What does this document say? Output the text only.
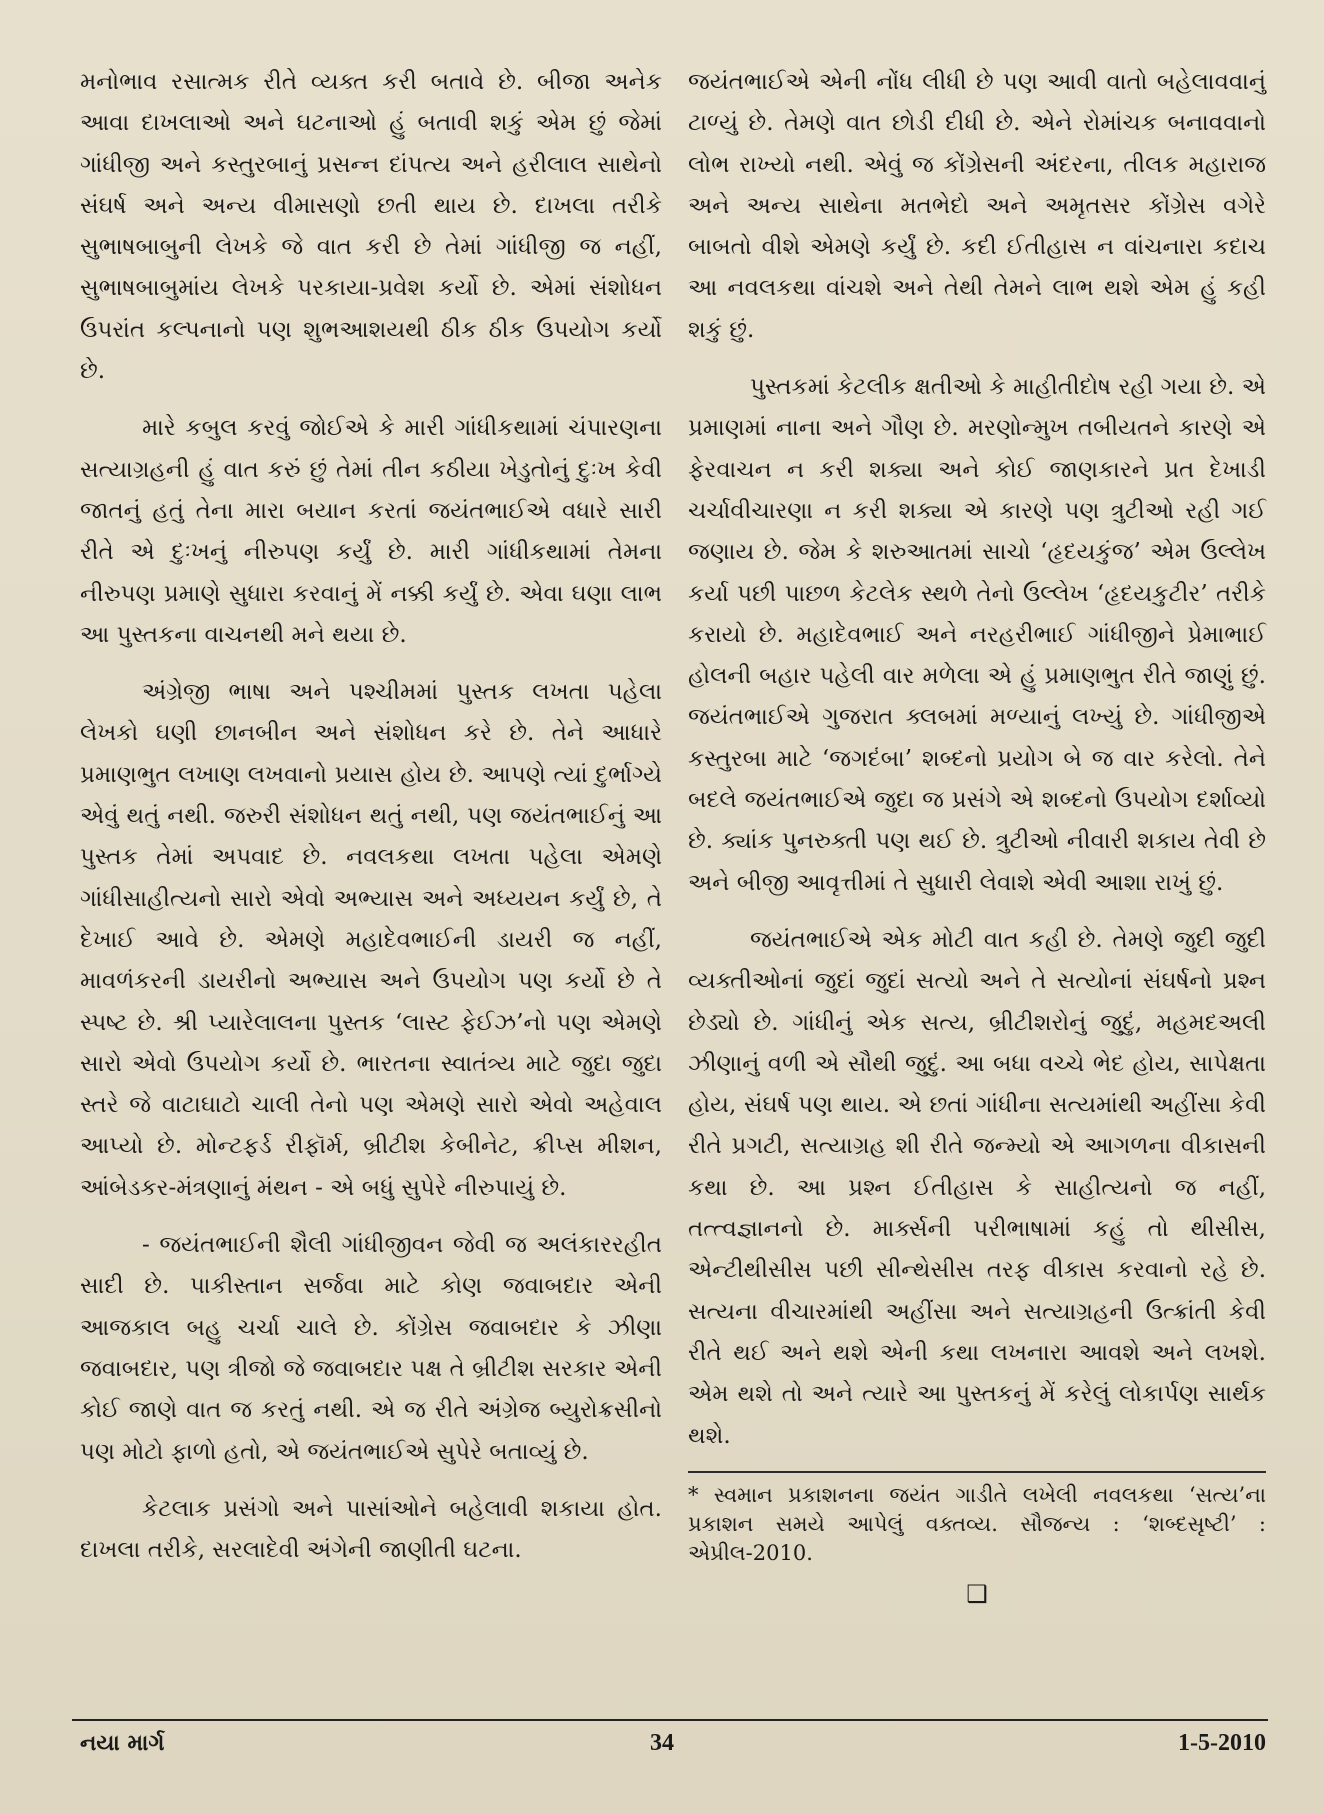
મનોભાવ રસાત્મક રીતે વ્યક્ત કરી બતાવે છે. બીજા અનેક આવા દાખલાઓ અને ઘટનાઓ હું બતાવી શકું એમ છું જેમાં ગાંધીજી અને કસ્તુરબાનું પ્રસન્ન દાંપત્ય અને હરીલાલ સાથેનો સંઘર્ષ અને અન્ય વીમાસણો છતી થાય છે. દાખલા તરીકે સુભાષબાબુની લેખકે જે વાત કરી છે તેમાં ગાંધીજી જ નહીં, સુભાષબાબુમાંય લેખકે પરકાયા-પ્રવેશ કર્યો છે. એમાં સંશોધન ઉપરાંત કલ્પનાનો પણ શુભઆશયથી ઠીક ઠીક ઉપયોગ કર્યો છે.

મારે કબુલ કરવું જોઈએ કે મારી ગાંધીકથામાં ચંપારણના સત્યાગ્રહની હું વાત કરું છું તેમાં તીન કઠીયા ખેડુતોનું દુઃખ કેવી જાતનું હતું તેના મારા બયાન કરતાં જયંતભાઈએ વધારે સારી રીતે એ દુઃખનું નીરુપણ કર્યું છે. મારી ગાંધીકથામાં તેમના નીરુપણ પ્રમાણે સુધારા કરવાનું મેં નક્કી કર્યું છે. એવા ઘણા લાભ આ પુસ્તકના વાચનથી મને થયા છે.

અંગ્રેજી ભાષા અને પશ્ચીમમાં પુસ્તક લખતા પહેલા લેખકો ઘણી છાનબીન અને સંશોધન કરે છે. તેને આધારે પ્રમાણભુત લખાણ લખવાનો પ્રયાસ હોય છે. આપણે ત્યાં દુર્ભાગ્યે એવું થતું નથી. જરુરી સંશોધન થતું નથી, પણ જયંતભાઈનું આ પુસ્તક તેમાં અપવાદ છે. નવલકથા લખતા પહેલા એમણે ગાંધીસાહીત્યનો સારો એવો અભ્યાસ અને અધ્યયન કર્યું છે, તે દેખાઈ આવે છે. એમણે મહાદેવભાઈની ડાયરી જ નહીં, માવળંકરની ડાયરીનો અભ્યાસ અને ઉપયોગ પણ કર્યો છે તે સ્પષ્ટ છે. શ્રી પ્યારેલાલના પુસ્તક ‘લાસ્ટ ફેઈઝ’નો પણ એમણે સારો એવો ઉપયોગ કર્યો છે. ભારતના સ્વાતંત્ર્ય માટે જુદા જુદા સ્તરે જે વાટાઘાટો ચાલી તેનો પણ એમણે સારો એવો અહેવાલ આપ્યો છે. મોન્ટફર્ડ રીફૉર્મ, બ્રીટીશ કેબીનેટ, ક્રીપ્સ મીશન, આંબેડકર-મંત્રણાનું મંથન - એ બધું સુપેરે નીરુપાયું છે.

- જયંતભાઈની શૈલી ગાંધીજીવન જેવી જ અલંકારરહીત સાદી છે. પાકીસ્તાન સર્જવા માટે કોણ જવાબદાર એની આજકાલ બહુ ચર્ચા ચાલે છે. કોંગ્રેસ જવાબદાર કે ઝીણા જવાબદાર, પણ ત્રીજો જે જવાબદાર પક્ષ તે બ્રીટીશ સરકાર એની કોઈ જાણે વાત જ કરતું નથી. એ જ રીતે અંગ્રેજ બ્યુરોક્રસીનો પણ મોટો ફાળો હતો, એ જયંતભાઈએ સુપેરે બતાવ્યું છે.

કેટલાક પ્રસંગો અને પાસાંઓને બહેલાવી શકાયા હોત. દાખલા તરીકે, સરલાદેવી અંગેની જાણીતી ઘટના.

જયંતભાઈએ એની નોંધ લીધી છે પણ આવી વાતો બહેલાવવાનું ટાળ્યું છે. તેમણે વાત છોડી દીધી છે. એને રોમાંચક બનાવવાનો લોભ રાખ્યો નથી. એવું જ કોંગ્રેસની અંદરના, તીલક મહારાજ અને અન્ય સાથેના મતભેદો અને અમૃતસર કોંગ્રેસ વગેરે બાબતો વીશે એમણે કર્યું છે. કદી ઈતીહાસ ન વાંચનારા કદાચ આ નવલકથા વાંચશે અને તેથી તેમને લાભ થશે એમ હું કહી શકું છું.

પુસ્તકમાં કેટલીક ક્ષતીઓ કે માહીતીદોષ રહી ગયા છે. એ પ્રમાણમાં નાના અને ગૌણ છે. મરણોન્મુખ તબીયતને કારણે એ ફેરવાચન ન કરી શક્યા અને કોઈ જાણકારને પ્રત દેખાડી ચર્ચાવીચારણા ન કરી શક્યા એ કારણે પણ ત્રુટીઓ રહી ગઈ જણાય છે. જેમ કે શરુઆતમાં સાચો ‘હૃદયકુંજ’ એમ ઉલ્લેખ કર્યા પછી પાછળ કેટલેક સ્થળે તેનો ઉલ્લેખ ‘હૃદયકુટીર’ તરીકે કરાયો છે. મહાદેવભાઈ અને નરહરીભાઈ ગાંધીજીને પ્રેમાભાઈ હોલની બહાર પહેલી વાર મળેલા એ હું પ્રમાણભુત રીતે જાણું છું. જયંતભાઈએ ગુજરાત ક્લબમાં મળ્યાનું લખ્યું છે. ગાંધીજીએ કસ્તુરબા માટે ‘જગદંબા’ શબ્દનો પ્રયોગ બે જ વાર કરેલો. તેને બદલે જયંતભાઈએ જુદા જ પ્રસંગે એ શબ્દનો ઉપયોગ દર્શાવ્યો છે. ક્યાંક પુનરુક્તી પણ થઈ છે. ત્રુટીઓ નીવારી શકાય તેવી છે અને બીજી આવૃત્તીમાં તે સુધારી લેવાશે એવી આશા રાખું છું.

જયંતભાઈએ એક મોટી વાત કહી છે. તેમણે જુદી જુદી વ્યક્તીઓનાં જુદાં જુદાં સત્યો અને તે સત્યોનાં સંઘર્ષનો પ્રશ્ન છેડ્યો છે. ગાંધીનું એક સત્ય, બ્રીટીશરોનું જુદું, મહમદઅલી ઝીણાનું વળી એ સૌથી જુદું. આ બધા વચ્ચે ભેદ હોય, સાપેક્ષતા હોય, સંઘર્ષ પણ થાય. એ છતાં ગાંધીના સત્યમાંથી અહીંસા કેવી રીતે પ્રગટી, સત્યાગ્રહ શી રીતે જન્મ્યો એ આગળના વીકાસની કથા છે. આ પ્રશ્ન ઈતીહાસ કે સાહીત્યનો જ નહીં, તત્ત્વજ્ઞાનનો છે. માર્ક્સની પરીભાષામાં કહું તો થીસીસ, એન્ટીથીસીસ પછી સીન્થેસીસ તરફ વીકાસ કરવાનો રહે છે. સત્યના વીચારમાંથી અહીંસા અને સત્યાગ્રહની ઉત્ક્રાંતી કેવી રીતે થઈ અને થશે એની કથા લખનારા આવશે અને લખશે. એમ થશે તો અને ત્યારે આ પુસ્તકનું મેં કરેલું લોકાર્પણ સાર્થક થશે.

* સ્વમાન પ્રકાશનના જયંત ગાડીતે લખેલી નવલકથા ‘સત્ય’ના પ્રકાશન સમયે આપેલું વક્તવ્ય. સૌજન્ય : ‘શબ્દસૃષ્ટી’ : એપ્રીલ-2010.
❑
નયા માર્ગ	34	1-5-2010
